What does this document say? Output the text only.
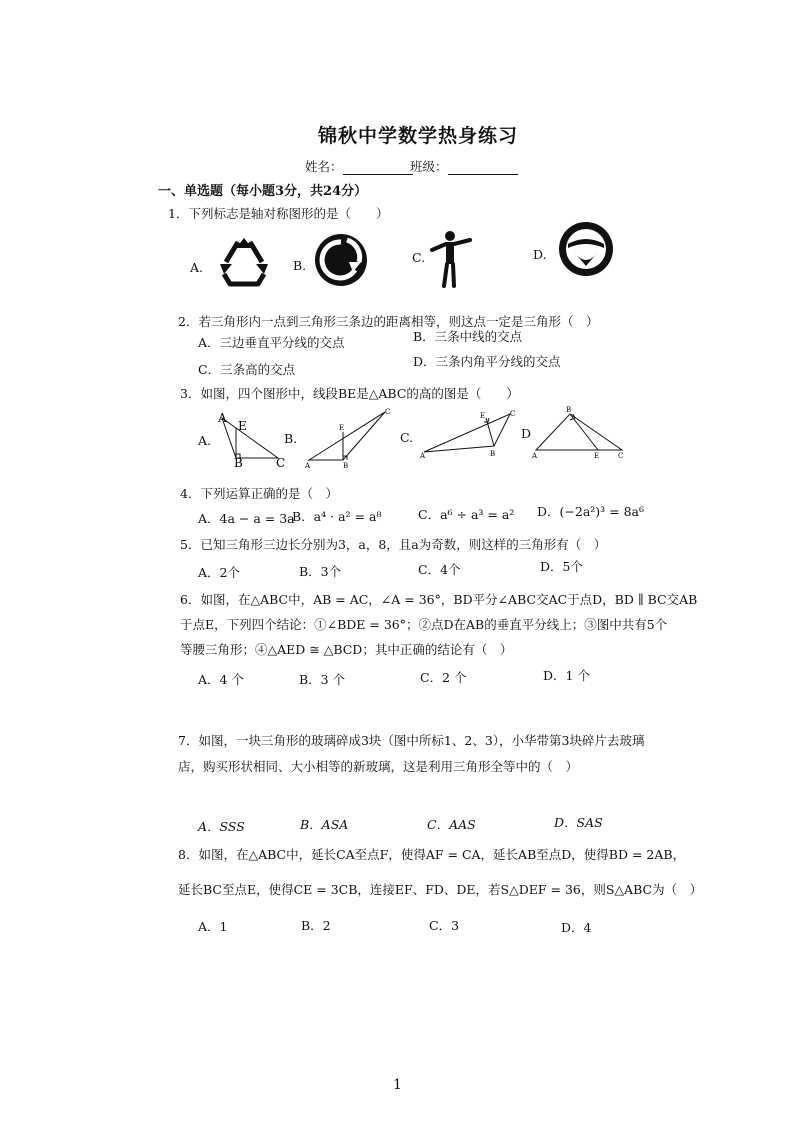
锦秋中学数学热身练习
姓名：	班级：
一、单选题（每小题3分，共24分）
1．下列标志是轴对称图形的是（　　）
A.	B.
C.	D.
2．若三角形内一点到三角形三条边的距离相等，则这点一定是三角形（　）
A．三边垂直平分线的交点	B．三条中线的交点
C．三条高的交点
D．三条内角平分线的交点
3．如图，四个图形中，线段BE是△ABC的高的图是（　　）
A.
A
E
B	C
B.
A
E
B
C
C.
A
E
B
C
D
A
B
E	C
4．下列运算正确的是（　）
A．4a − a = 3a
B．a⁴ · a² = a⁸	C．a⁶ ÷ a³ = a² D．(−2a²)³ = 8a⁶
5．已知三角形三边长分别为3，a，8，且a为奇数，则这样的三角形有（　）
A．2个	B．3个	C．4个	D．5个
6．如图，在△ABC中，AB = AC，∠A = 36°，BD平分∠ABC交AC于点D，BD ∥ BC交AB
于点E，下列四个结论：①∠BDE = 36°；②点D在AB的垂直平分线上；③图中共有5个
等腰三角形；④△AED ≅ △BCD；其中正确的结论有（　）
A．4 个	B．3 个	C．2 个	D．1 个
7．如图，一块三角形的玻璃碎成3块（图中所标1、2、3），小华带第3块碎片去玻璃
店，购买形状相同、大小相等的新玻璃，这是利用三角形全等中的（　）
A．SSS	B．ASA	C．AAS	D．SAS
8．如图，在△ABC中，延长CA至点F，使得AF = CA，延长AB至点D，使得BD = 2AB，
延长BC至点E，使得CE = 3CB，连接EF、FD、DE，若S△DEF = 36，则S△ABC为（　）
A．1	B．2	C．3	D．4
1
